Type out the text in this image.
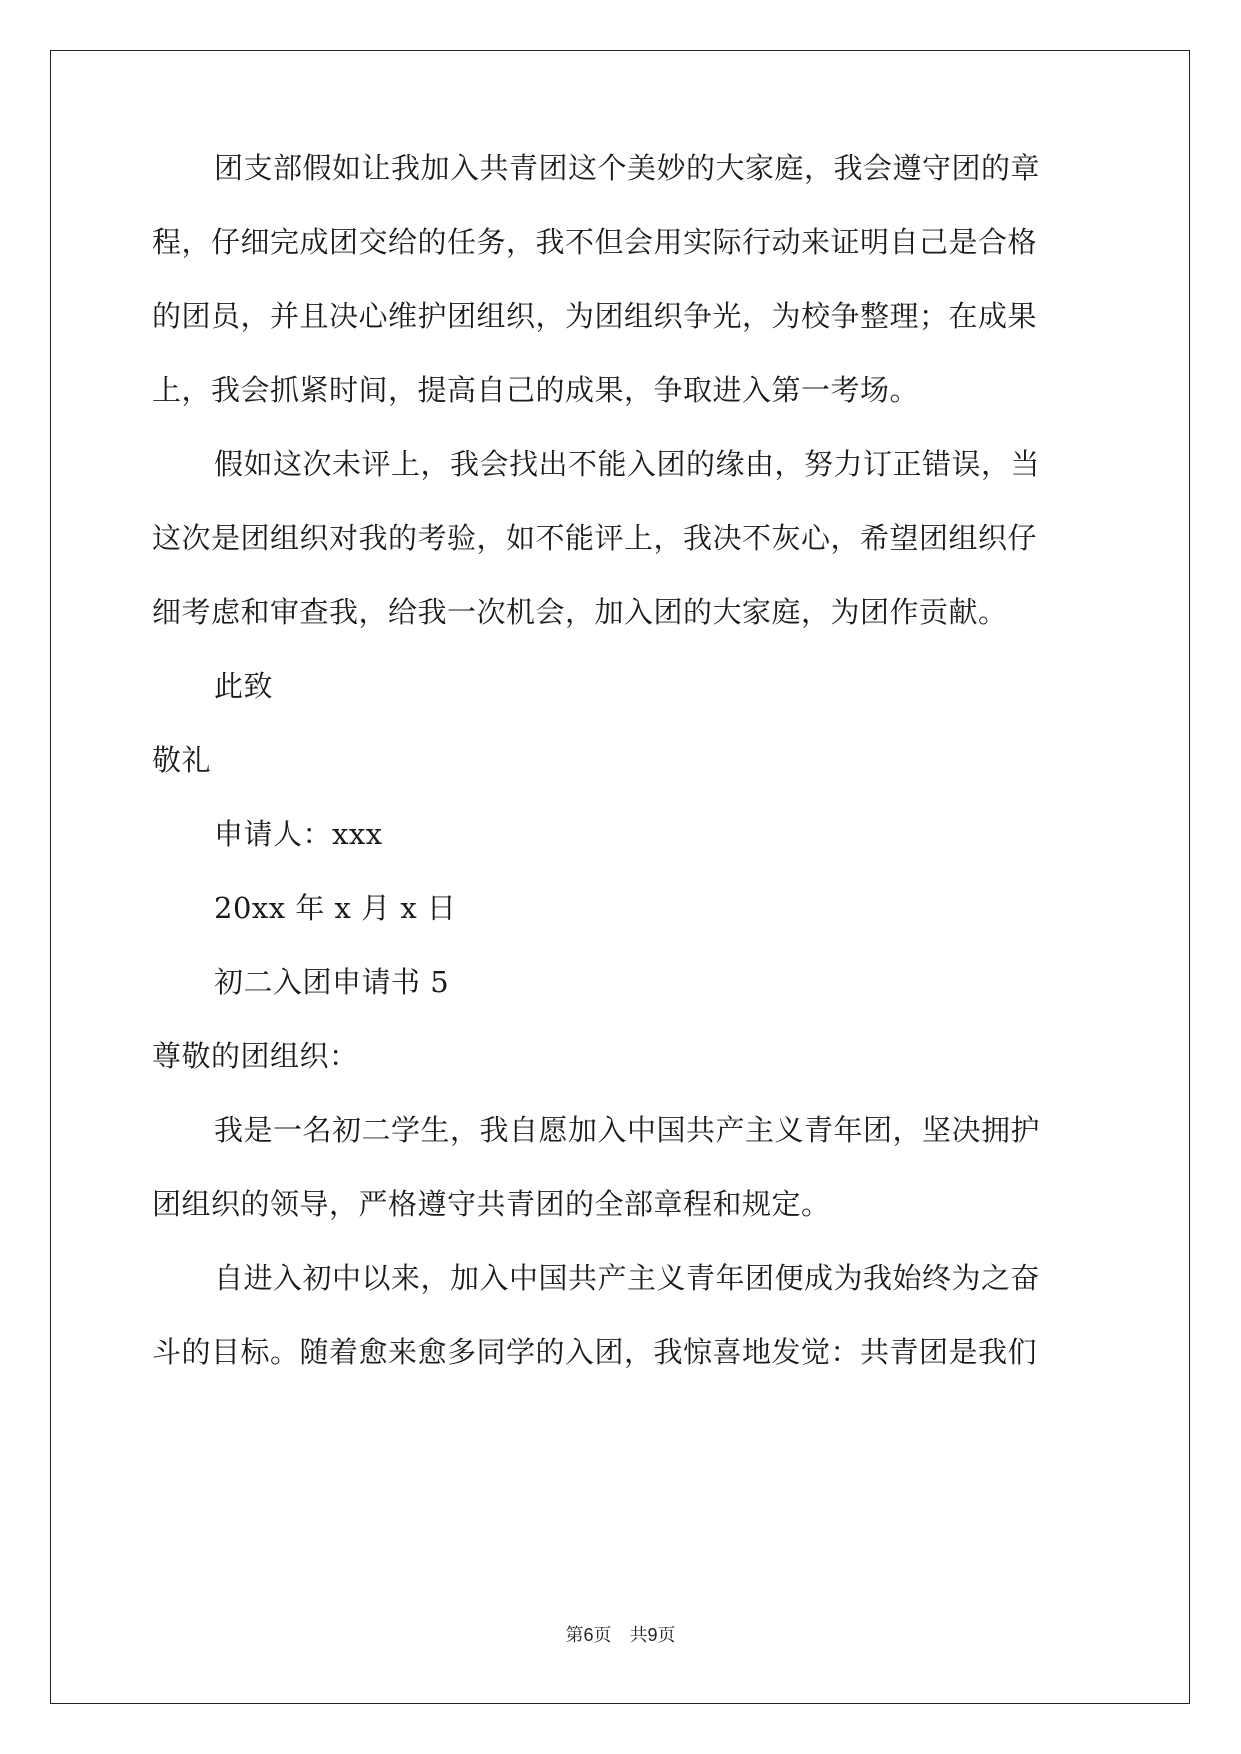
团支部假如让我加入共青团这个美妙的大家庭，我会遵守团的章
程，仔细完成团交给的任务，我不但会用实际行动来证明自己是合格
的团员，并且决心维护团组织，为团组织争光，为校争整理；在成果
上，我会抓紧时间，提高自己的成果，争取进入第一考场。
假如这次未评上，我会找出不能入团的缘由，努力订正错误，当
这次是团组织对我的考验，如不能评上，我决不灰心，希望团组织仔
细考虑和审查我，给我一次机会，加入团的大家庭，为团作贡献。
此致
敬礼
申请人：xxx
20xx 年 x 月 x 日
初二入团申请书 5
尊敬的团组织：
我是一名初二学生，我自愿加入中国共产主义青年团，坚决拥护
团组织的领导，严格遵守共青团的全部章程和规定。
自进入初中以来，加入中国共产主义青年团便成为我始终为之奋
斗的目标。随着愈来愈多同学的入团，我惊喜地发觉：共青团是我们
第6页 共9页
